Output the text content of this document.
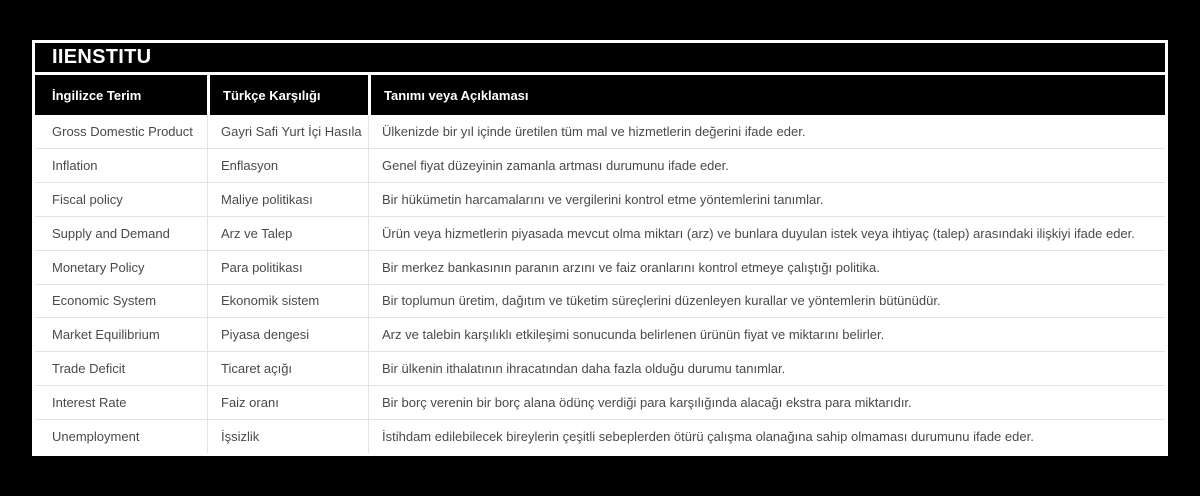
IIENSTITU
İngilizce Terim	Türkçe Karşılığı	Tanımı veya Açıklaması
Gross Domestic Product	Gayri Safi Yurt İçi Hasıla	Ülkenizde bir yıl içinde üretilen tüm mal ve hizmetlerin değerini ifade eder.
Inflation	Enflasyon	Genel fiyat düzeyinin zamanla artması durumunu ifade eder.
Fiscal policy	Maliye politikası	Bir hükümetin harcamalarını ve vergilerini kontrol etme yöntemlerini tanımlar.
Supply and Demand	Arz ve Talep	Ürün veya hizmetlerin piyasada mevcut olma miktarı (arz) ve bunlara duyulan istek veya ihtiyaç (talep) arasındaki ilişkiyi ifade eder.
Monetary Policy	Para politikası	Bir merkez bankasının paranın arzını ve faiz oranlarını kontrol etmeye çalıştığı politika.
Economic System	Ekonomik sistem	Bir toplumun üretim, dağıtım ve tüketim süreçlerini düzenleyen kurallar ve yöntemlerin bütünüdür.
Market Equilibrium	Piyasa dengesi	Arz ve talebin karşılıklı etkileşimi sonucunda belirlenen ürünün fiyat ve miktarını belirler.
Trade Deficit	Ticaret açığı	Bir ülkenin ithalatının ihracatından daha fazla olduğu durumu tanımlar.
Interest Rate	Faiz oranı	Bir borç verenin bir borç alana ödünç verdiği para karşılığında alacağı ekstra para miktarıdır.
Unemployment	İşsizlik	İstihdam edilebilecek bireylerin çeşitli sebeplerden ötürü çalışma olanağına sahip olmaması durumunu ifade eder.
